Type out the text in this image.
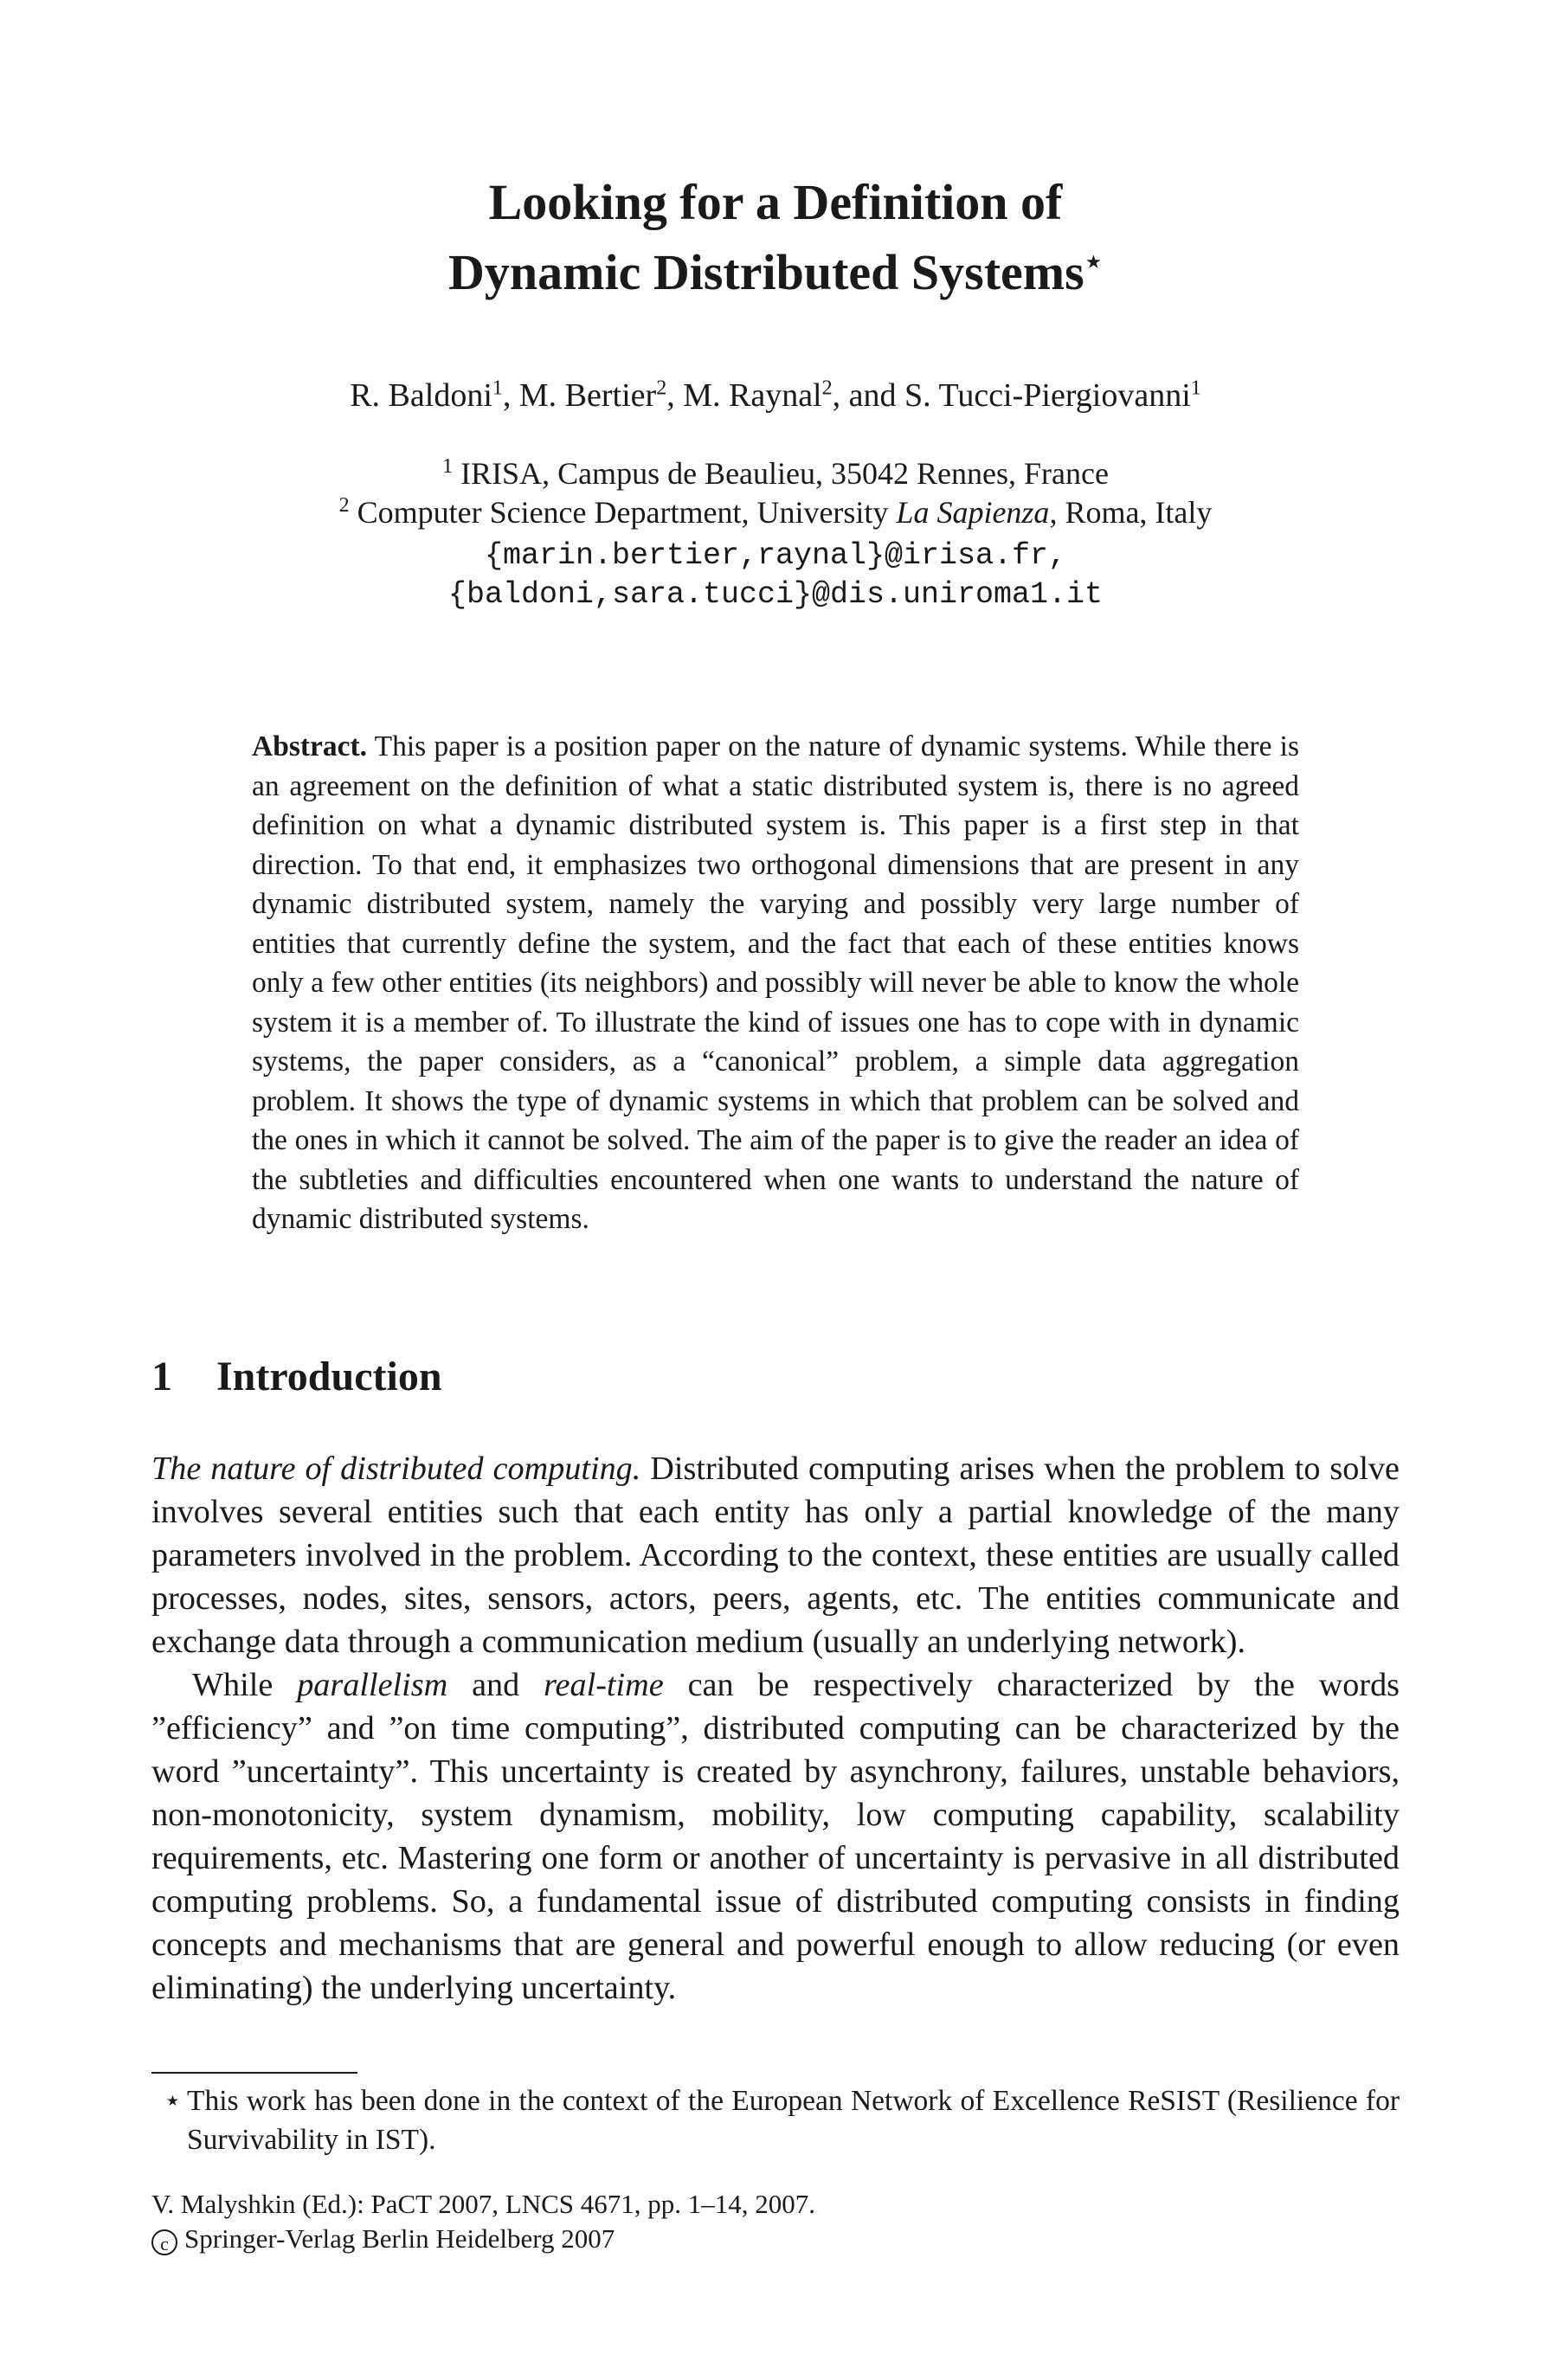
Looking for a Definition of
Dynamic Distributed Systems⋆
R. Baldoni$^1$, M. Bertier$^2$, M. Raynal$^2$, and S. Tucci-Piergiovanni$^1$
$^1$ IRISA, Campus de Beaulieu, 35042 Rennes, France
$^2$ Computer Science Department, University La Sapienza, Roma, Italy
{marin.bertier,raynal}@irisa.fr,
{baldoni,sara.tucci}@dis.uniroma1.it
Abstract. This paper is a position paper on the nature of dynamic systems. While there is an agreement on the definition of what a static distributed system is, there is no agreed definition on what a dynamic distributed system is. This paper is a first step in that direction. To that end, it emphasizes two orthogonal dimensions that are present in any dynamic distributed system, namely the varying and possibly very large number of entities that currently define the system, and the fact that each of these entities knows only a few other entities (its neighbors) and possibly will never be able to know the whole system it is a member of. To illustrate the kind of issues one has to cope with in dynamic systems, the paper considers, as a “canonical” problem, a simple data aggregation problem. It shows the type of dynamic systems in which that problem can be solved and the ones in which it cannot be solved. The aim of the paper is to give the reader an idea of the subtleties and difficulties encountered when one wants to understand the nature of dynamic distributed systems.
1 Introduction

The nature of distributed computing. Distributed computing arises when the problem to solve involves several entities such that each entity has only a partial knowledge of the many parameters involved in the problem. According to the context, these entities are usually called processes, nodes, sites, sensors, actors, peers, agents, etc. The entities communicate and exchange data through a communication medium (usually an underlying network).

While parallelism and real-time can be respectively characterized by the words ”efficiency” and ”on time computing”, distributed computing can be characterized by the word ”uncertainty”. This uncertainty is created by asynchrony, failures, unstable behaviors, non-monotonicity, system dynamism, mobility, low computing capability, scalability requirements, etc. Mastering one form or another of uncertainty is pervasive in all distributed computing problems. So, a fundamental issue of distributed computing consists in finding concepts and mechanisms that are general and powerful enough to allow reducing (or even eliminating) the underlying uncertainty.

⋆ This work has been done in the context of the European Network of Excellence ReSIST (Resilience for Survivability in IST).
V. Malyshkin (Ed.): PaCT 2007, LNCS 4671, pp. 1–14, 2007.
c Springer-Verlag Berlin Heidelberg 2007
